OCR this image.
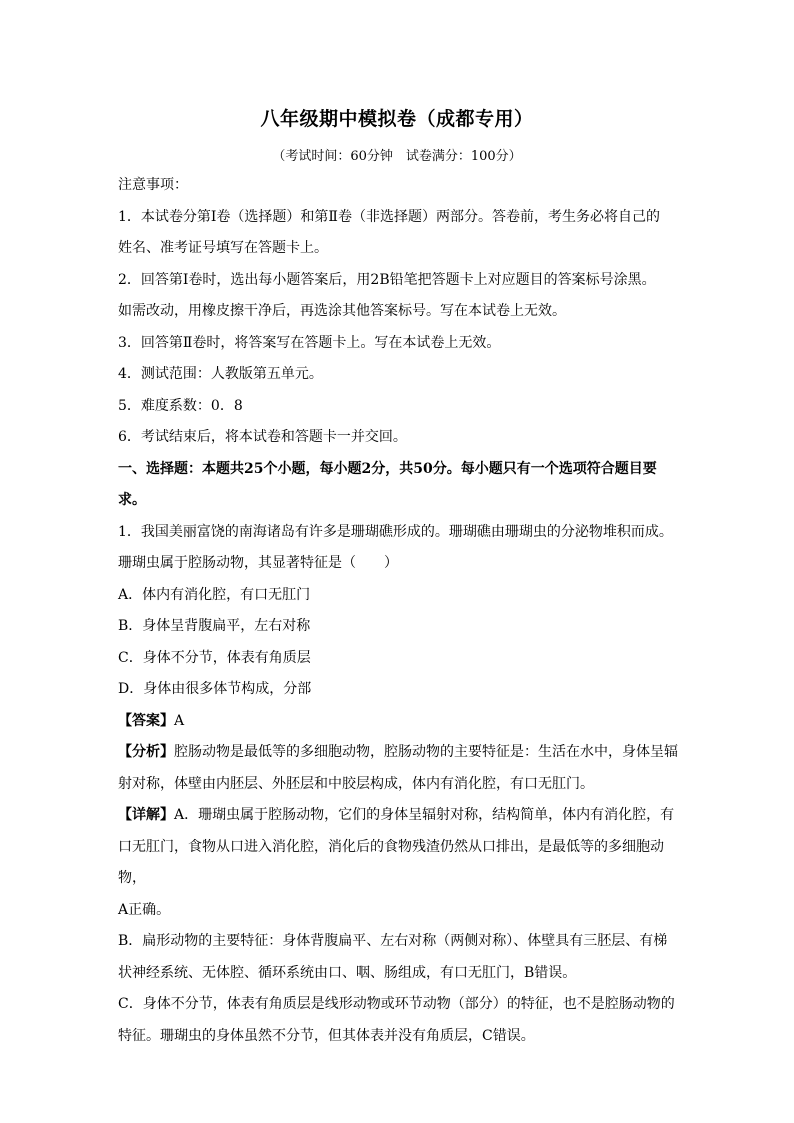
八年级期中模拟卷（成都专用）
（考试时间：60分钟　试卷满分：100分）

注意事项：

1．本试卷分第Ⅰ卷（选择题）和第Ⅱ卷（非选择题）两部分。答卷前，考生务必将自己的

姓名、准考证号填写在答题卡上。

2．回答第Ⅰ卷时，选出每小题答案后，用2B铅笔把答题卡上对应题目的答案标号涂黑。

如需改动，用橡皮擦干净后，再选涂其他答案标号。写在本试卷上无效。

3．回答第Ⅱ卷时，将答案写在答题卡上。写在本试卷上无效。

4．测试范围：人教版第五单元。

5．难度系数：0．8

6．考试结束后，将本试卷和答题卡一并交回。

一、选择题：本题共25个小题，每小题2分，共50分。每小题只有一个选项符合题目要

求。

1．我国美丽富饶的南海诸岛有许多是珊瑚礁形成的。珊瑚礁由珊瑚虫的分泌物堆积而成。

珊瑚虫属于腔肠动物，其显著特征是（　　）

A．体内有消化腔，有口无肛门

B．身体呈背腹扁平，左右对称

C．身体不分节，体表有角质层

D．身体由很多体节构成，分部

【答案】A

【分析】腔肠动物是最低等的多细胞动物，腔肠动物的主要特征是：生活在水中，身体呈辐

射对称，体壁由内胚层、外胚层和中胶层构成，体内有消化腔，有口无肛门。

【详解】A．珊瑚虫属于腔肠动物，它们的身体呈辐射对称，结构简单，体内有消化腔，有

口无肛门，食物从口进入消化腔，消化后的食物残渣仍然从口排出，是最低等的多细胞动物，

A正确。

B．扁形动物的主要特征：身体背腹扁平、左右对称（两侧对称）、体壁具有三胚层、有梯

状神经系统、无体腔、循环系统由口、咽、肠组成，有口无肛门，B错误。

C．身体不分节，体表有角质层是线形动物或环节动物（部分）的特征，也不是腔肠动物的

特征。珊瑚虫的身体虽然不分节，但其体表并没有角质层，C错误。
